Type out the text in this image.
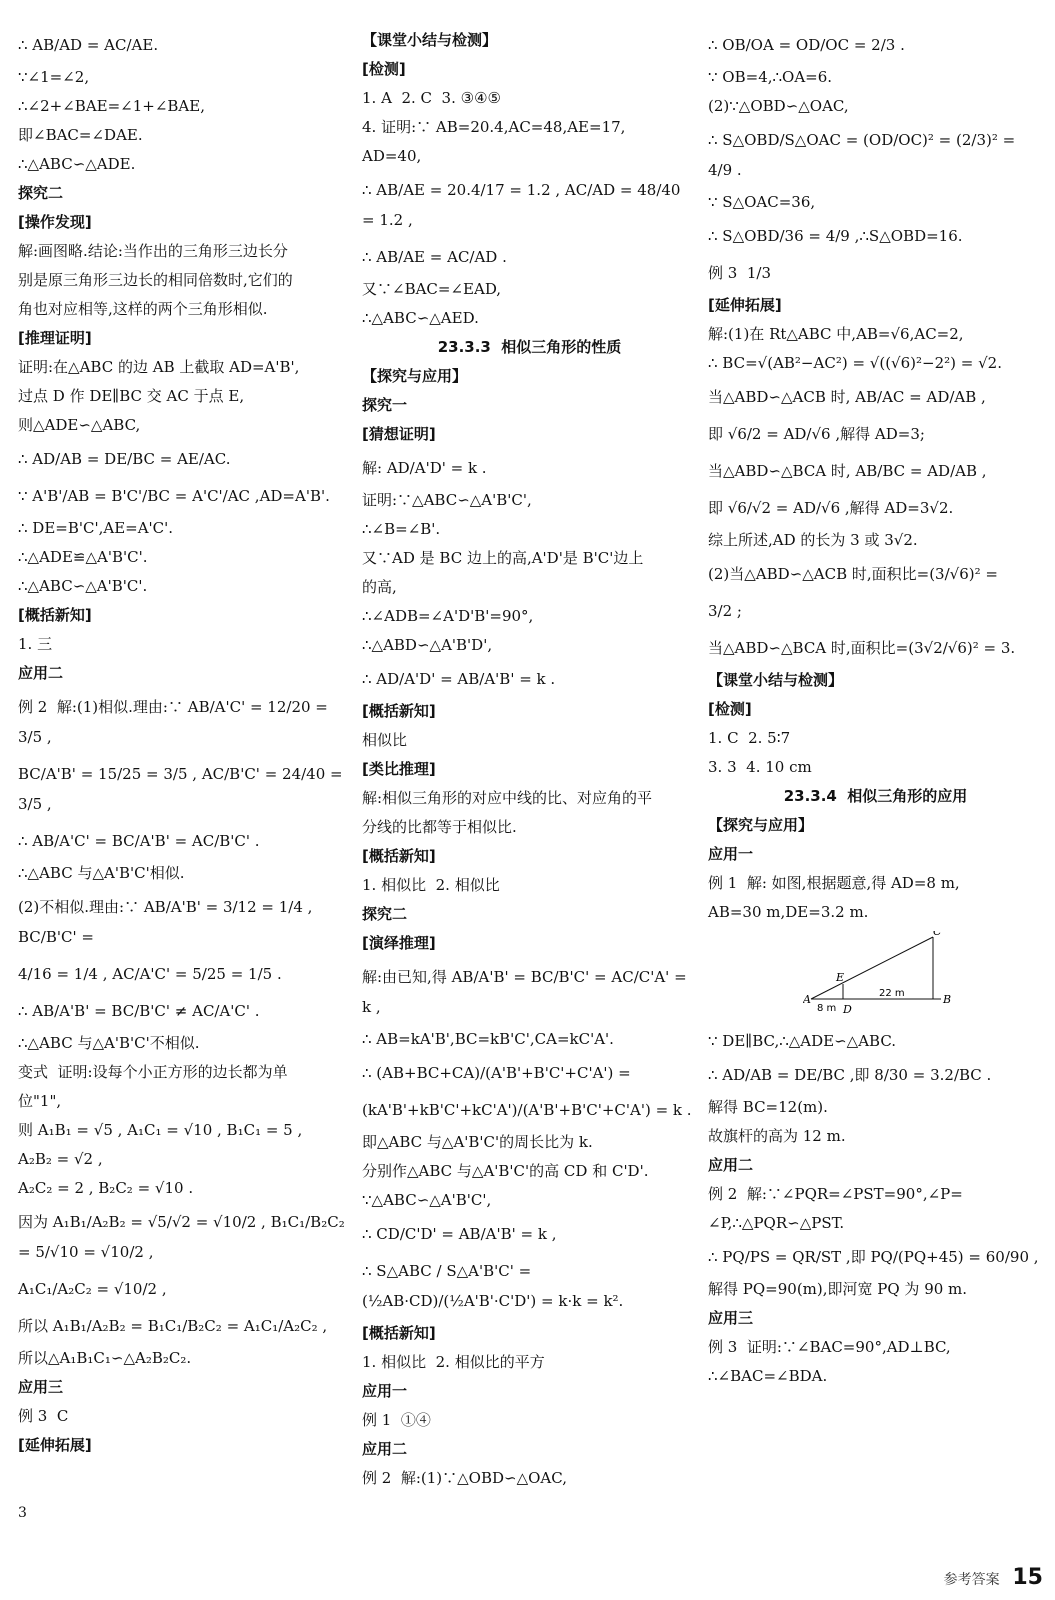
∴ AB/AD = AC/AE.
∵∠1=∠2,
∴∠2+∠BAE=∠1+∠BAE,
即∠BAC=∠DAE.
∴△ABC∽△ADE.
探究二
[操作发现]
解:画图略.结论:当作出的三角形三边长分
别是原三角形三边长的相同倍数时,它们的
角也对应相等,这样的两个三角形相似.
[推理证明]
证明:在△ABC 的边 AB 上截取 AD=A'B',
过点 D 作 DE∥BC 交 AC 于点 E,
则△ADE∽△ABC,
∴ AD/AB = DE/BC = AE/AC.
∵ A'B'/AB = B'C'/BC = A'C'/AC ,AD=A'B'.
∴ DE=B'C',AE=A'C'.
∴△ADE≌△A'B'C'.
∴△ABC∽△A'B'C'.
[概括新知]
1. 三
应用二
例 2  解:(1)相似.理由:∵ AB/A'C' = 12/20 = 3/5 ,
BC/A'B' = 15/25 = 3/5 , AC/B'C' = 24/40 = 3/5 ,
∴ AB/A'C' = BC/A'B' = AC/B'C' .
∴△ABC 与△A'B'C'相似.
(2)不相似.理由:∵ AB/A'B' = 3/12 = 1/4 , BC/B'C' =
4/16 = 1/4 , AC/A'C' = 5/25 = 1/5 .
∴ AB/A'B' = BC/B'C' ≠ AC/A'C' .
∴△ABC 与△A'B'C'不相似.
变式  证明:设每个小正方形的边长都为单
位"1",
则 A₁B₁ = √5 , A₁C₁ = √10 , B₁C₁ = 5 ,
A₂B₂ = √2 ,
A₂C₂ = 2 , B₂C₂ = √10 .
因为 A₁B₁/A₂B₂ = √5/√2 = √10/2 , B₁C₁/B₂C₂ = 5/√10 = √10/2 ,
A₁C₁/A₂C₂ = √10/2 ,
所以 A₁B₁/A₂B₂ = B₁C₁/B₂C₂ = A₁C₁/A₂C₂ ,
所以△A₁B₁C₁∽△A₂B₂C₂.
应用三
例 3  C
[延伸拓展]
【课堂小结与检测】
[检测]
1. A  2. C  3. ③④⑤
4. 证明:∵ AB=20.4,AC=48,AE=17,
AD=40,
∴ AB/AE = 20.4/17 = 1.2 , AC/AD = 48/40 = 1.2 ,
∴ AB/AE = AC/AD .
又∵∠BAC=∠EAD,
∴△ABC∽△AED.
23.3.3  相似三角形的性质
【探究与应用】
探究一
[猜想证明]
解: AD/A'D' = k .
证明:∵△ABC∽△A'B'C',
∴∠B=∠B'.
又∵AD 是 BC 边上的高,A'D'是 B'C'边上
的高,
∴∠ADB=∠A'D'B'=90°,
∴△ABD∽△A'B'D',
∴ AD/A'D' = AB/A'B' = k .
[概括新知]
相似比
[类比推理]
解:相似三角形的对应中线的比、对应角的平
分线的比都等于相似比.
[概括新知]
1. 相似比  2. 相似比
探究二
[演绎推理]
解:由已知,得 AB/A'B' = BC/B'C' = AC/C'A' = k ,
∴ AB=kA'B',BC=kB'C',CA=kC'A'.
∴ (AB+BC+CA)/(A'B'+B'C'+C'A') =
(kA'B'+kB'C'+kC'A')/(A'B'+B'C'+C'A') = k .
即△ABC 与△A'B'C'的周长比为 k.
分别作△ABC 与△A'B'C'的高 CD 和 C'D'.
∵△ABC∽△A'B'C',
∴ CD/C'D' = AB/A'B' = k ,
∴ S△ABC / S△A'B'C' = (½AB·CD)/(½A'B'·C'D') = k·k = k².
[概括新知]
1. 相似比  2. 相似比的平方
应用一
例 1  ①④
应用二
例 2  解:(1)∵△OBD∽△OAC,
∴ OB/OA = OD/OC = 2/3 .
∵ OB=4,∴OA=6.
(2)∵△OBD∽△OAC,
∴ S△OBD/S△OAC = (OD/OC)² = (2/3)² = 4/9 .
∵ S△OAC=36,
∴ S△OBD/36 = 4/9 ,∴S△OBD=16.
例 3  1/3
[延伸拓展]
解:(1)在 Rt△ABC 中,AB=√6,AC=2,
∴ BC=√(AB²−AC²) = √((√6)²−2²) = √2.
当△ABD∽△ACB 时, AB/AC = AD/AB ,
即 √6/2 = AD/√6 ,解得 AD=3;
当△ABD∽△BCA 时, AB/BC = AD/AB ,
即 √6/√2 = AD/√6 ,解得 AD=3√2.
综上所述,AD 的长为 3 或 3√2.
(2)当△ABD∽△ACB 时,面积比=(3/√6)² =
3/2 ;
当△ABD∽△BCA 时,面积比=(3√2/√6)² = 3.
【课堂小结与检测】
[检测]
1. C  2. 5∶7
3. 3  4. 10 cm
23.3.4  相似三角形的应用
【探究与应用】
应用一
例 1  解: 如图,根据题意,得 AD=8 m,
AB=30 m,DE=3.2 m.
C
E
A
D
B
8 m
22 m
∵ DE∥BC,∴△ADE∽△ABC.
∴ AD/AB = DE/BC ,即 8/30 = 3.2/BC .
解得 BC=12(m).
故旗杆的高为 12 m.
应用二
例 2  解:∵∠PQR=∠PST=90°,∠P=
∠P,∴△PQR∽△PST.
∴ PQ/PS = QR/ST ,即 PQ/(PQ+45) = 60/90 ,
解得 PQ=90(m),即河宽 PQ 为 90 m.
应用三
例 3  证明:∵∠BAC=90°,AD⊥BC,
∴∠BAC=∠BDA.
3
参考答案 15
